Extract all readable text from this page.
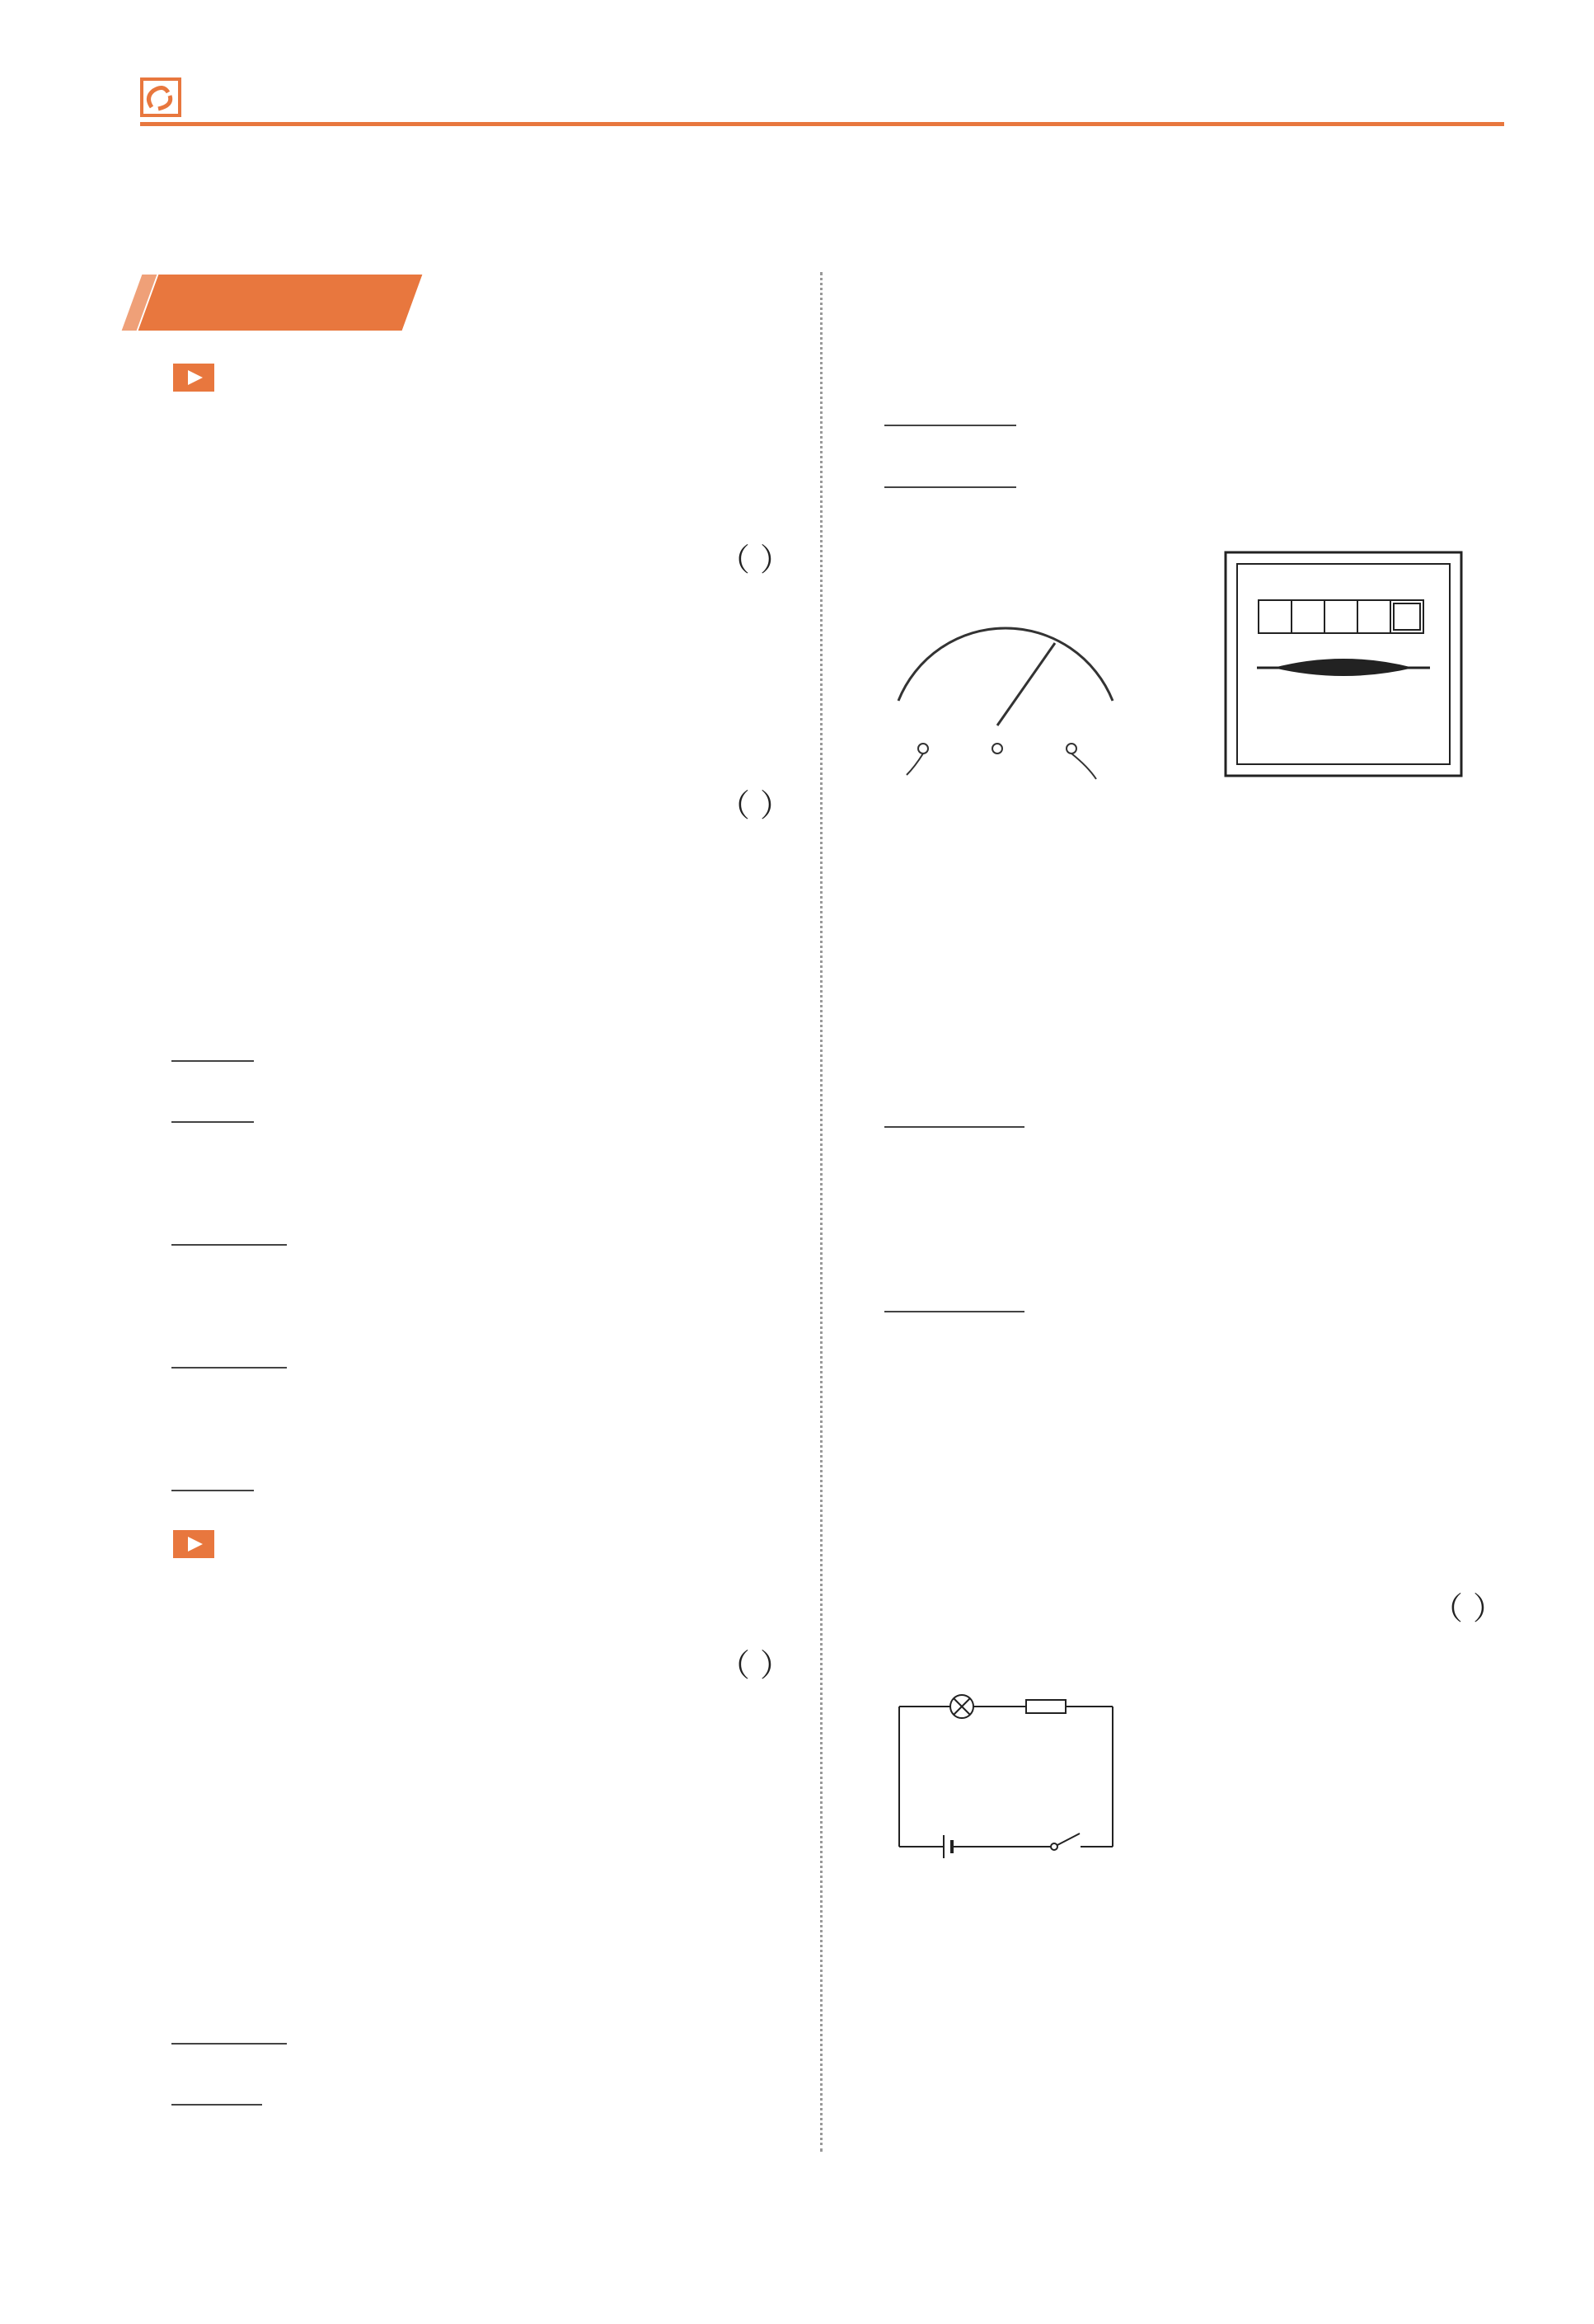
（ ）
（ ）

（ ）

（ ）
